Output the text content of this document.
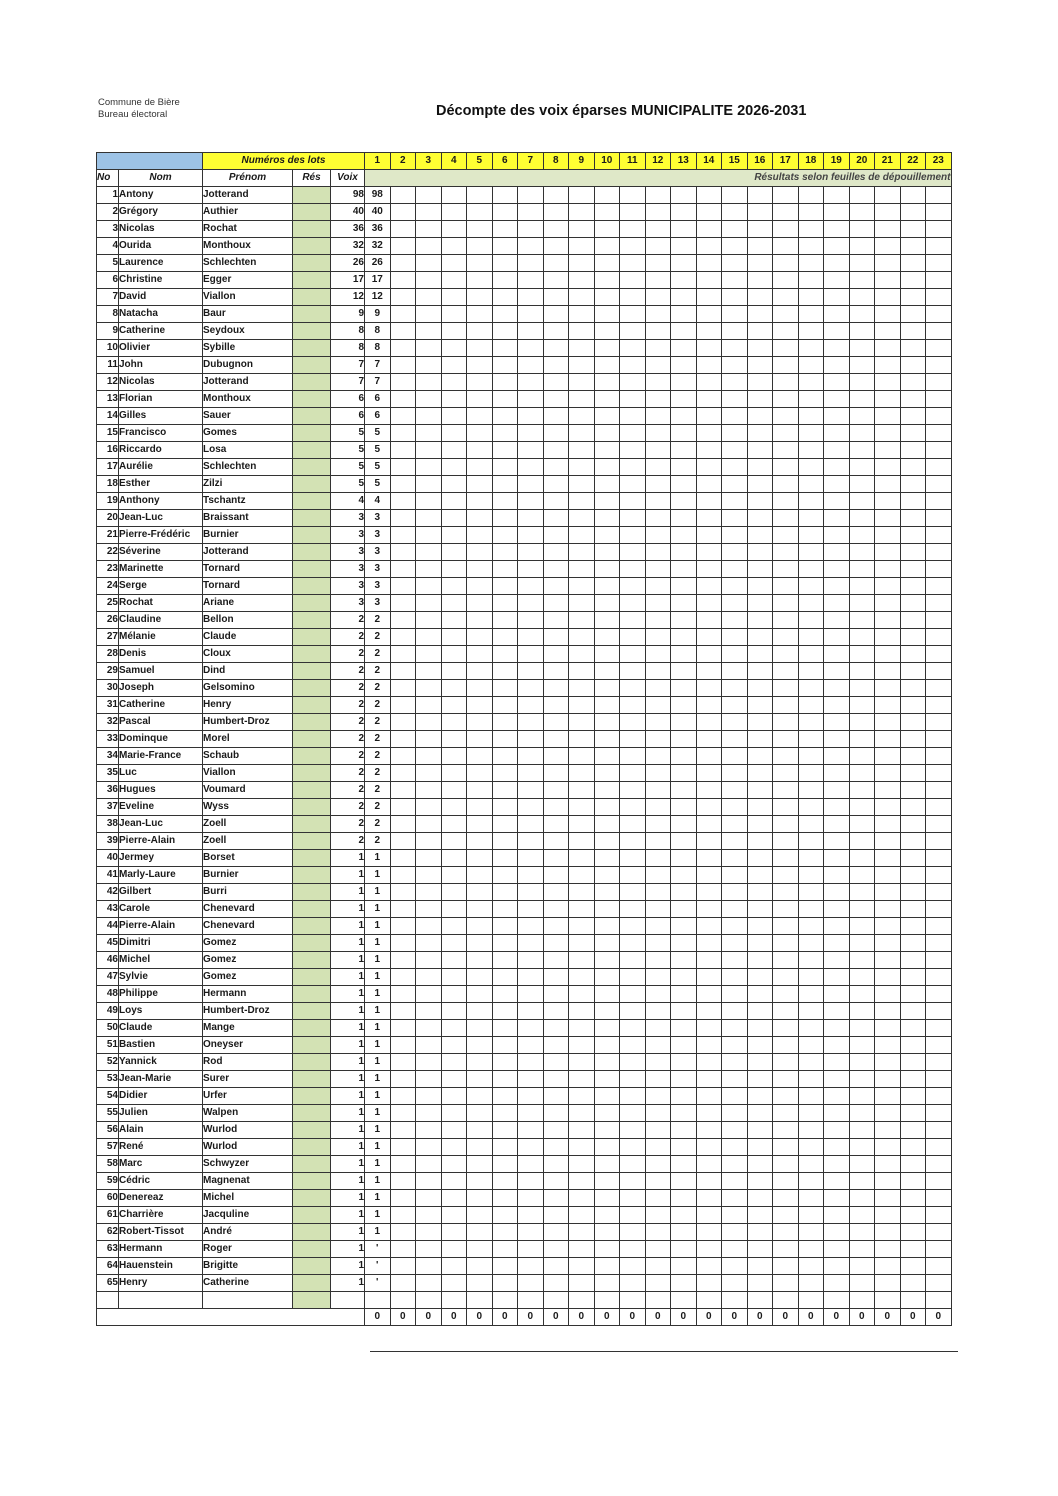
Commune de Bière
Bureau électoral	Décompte des voix éparses MUNICIPALITE 2026-2031
		Numéros des lots			1	2	3	4	5	6	7	8	9	10	11	12	13	14	15	16	17	18	19	20	21	22	23
No	Nom	Prénom	Rés	Voix	Résultats selon feuilles de dépouillement																						
1	Antony	Jotterand		98	98																						
2	Grégory	Authier		40	40																						
3	Nicolas	Rochat		36	36																						
4	Ourida	Monthoux		32	32																						
5	Laurence	Schlechten		26	26																						
6	Christine	Egger		17	17																						
7	David	Viallon		12	12																						
8	Natacha	Baur		9	9																						
9	Catherine	Seydoux		8	8																						
10	Olivier	Sybille		8	8																						
11	John	Dubugnon		7	7																						
12	Nicolas	Jotterand		7	7																						
13	Florian	Monthoux		6	6																						
14	Gilles	Sauer		6	6																						
15	Francisco	Gomes		5	5																						
16	Riccardo	Losa		5	5																						
17	Aurélie	Schlechten		5	5																						
18	Esther	Zilzi		5	5																						
19	Anthony	Tschantz		4	4																						
20	Jean-Luc	Braissant		3	3																						
21	Pierre-Frédéric	Burnier		3	3																						
22	Séverine	Jotterand		3	3																						
23	Marinette	Tornard		3	3																						
24	Serge	Tornard		3	3																						
25	Rochat	Ariane		3	3																						
26	Claudine	Bellon		2	2																						
27	Mélanie	Claude		2	2																						
28	Denis	Cloux		2	2																						
29	Samuel	Dind		2	2																						
30	Joseph	Gelsomino		2	2																						
31	Catherine	Henry		2	2																						
32	Pascal	Humbert-Droz		2	2																						
33	Dominque	Morel		2	2																						
34	Marie-France	Schaub		2	2																						
35	Luc	Viallon		2	2																						
36	Hugues	Voumard		2	2																						
37	Eveline	Wyss		2	2																						
38	Jean-Luc	Zoell		2	2																						
39	Pierre-Alain	Zoell		2	2																						
40	Jermey	Borset		1	1																						
41	Marly-Laure	Burnier		1	1																						
42	Gilbert	Burri		1	1																						
43	Carole	Chenevard		1	1																						
44	Pierre-Alain	Chenevard		1	1																						
45	Dimitri	Gomez		1	1																						
46	Michel	Gomez		1	1																						
47	Sylvie	Gomez		1	1																						
48	Philippe	Hermann		1	1																						
49	Loys	Humbert-Droz		1	1																						
50	Claude	Mange		1	1																						
51	Bastien	Oneyser		1	1																						
52	Yannick	Rod		1	1																						
53	Jean-Marie	Surer		1	1																						
54	Didier	Urfer		1	1																						
55	Julien	Walpen		1	1																						
56	Alain	Wurlod		1	1																						
57	René	Wurlod		1	1																						
58	Marc	Schwyzer		1	1																						
59	Cédric	Magnenat		1	1																						
60	Denereaz	Michel		1	1																						
61	Charrière	Jacquline		1	1																						
62	Robert-Tissot	André		1	1																						
63	Hermann	Roger		1	'																						
64	Hauenstein	Brigitte		1	'																						
65	Henry	Catherine		1	'																						

					0	0	0	0	0	0	0	0	0	0	0	0	0	0	0	0	0	0	0	0	0	0	0
